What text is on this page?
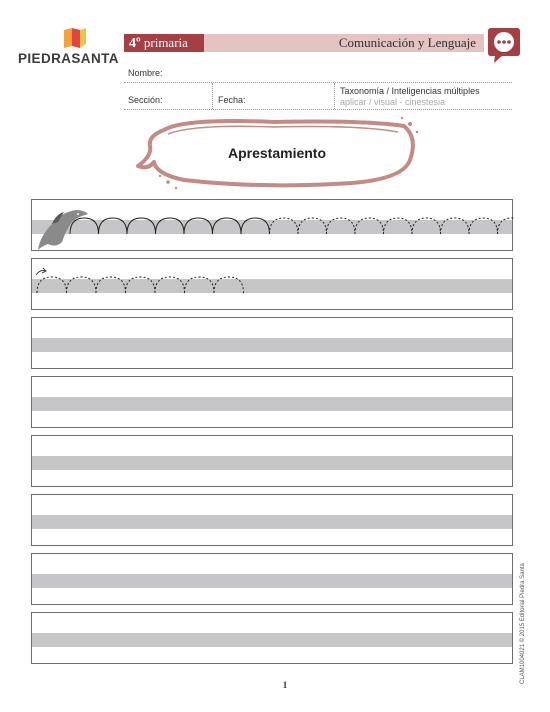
PIEDRASANTA
4º primaria	Comunicación y Lenguaje
Nombre:
Sección:	Fecha:
Taxonomía / Inteligencias múltiples
aplicar / visual - cinestesia
Aprestamiento
1
CLAM1004021 © 2015 Editorial Piedra Santa
